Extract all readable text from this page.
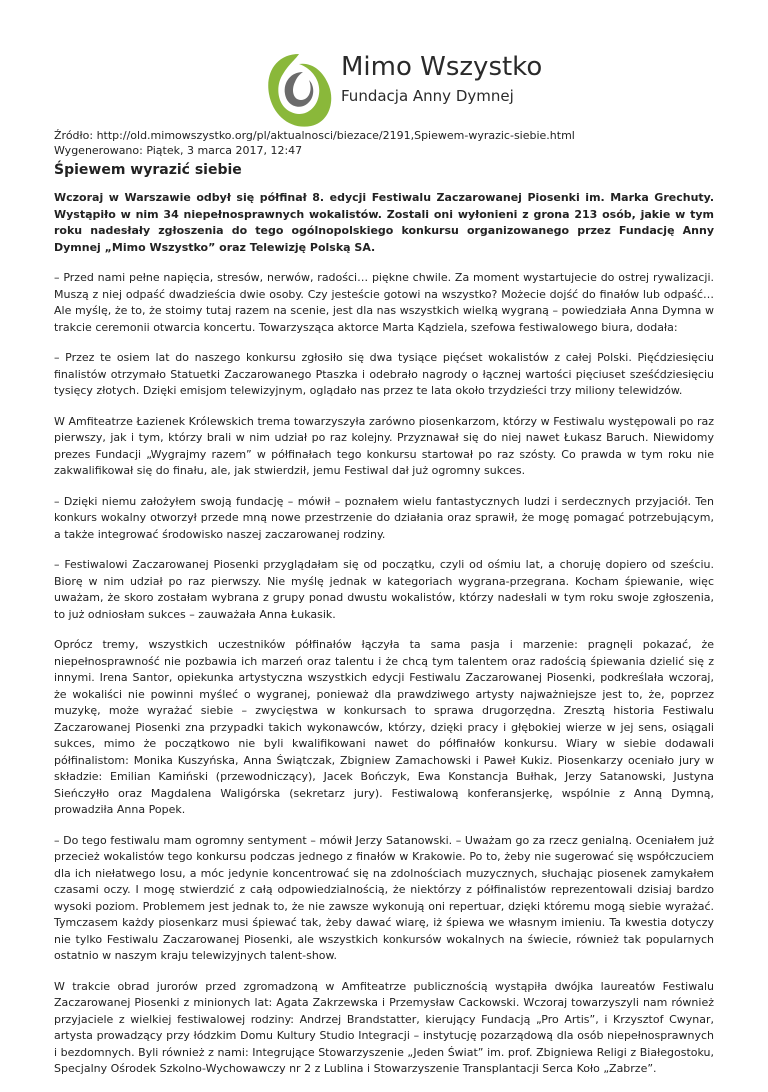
Mimo Wszystko
Fundacja Anny Dymnej
Źródło: http://old.mimowszystko.org/pl/aktualnosci/biezace/2191,Spiewem-wyrazic-siebie.html
Wygenerowano: Piątek, 3 marca 2017, 12:47
Śpiewem wyrazić siebie

Wczoraj w Warszawie odbył się półfinał 8. edycji Festiwalu Zaczarowanej Piosenki im. Marka Grechuty. Wystąpiło w nim 34 niepełnosprawnych wokalistów. Zostali oni wyłonieni z grona 213 osób, jakie w tym roku nadesłały zgłoszenia do tego ogólnopolskiego konkursu organizowanego przez Fundację Anny Dymnej „Mimo Wszystko” oraz Telewizję Polską SA.

– Przed nami pełne napięcia, stresów, nerwów, radości… piękne chwile. Za moment wystartujecie do ostrej rywalizacji. Muszą z niej odpaść dwadzieścia dwie osoby. Czy jesteście gotowi na wszystko? Możecie dojść do finałów lub odpaść… Ale myślę, że to, że stoimy tutaj razem na scenie, jest dla nas wszystkich wielką wygraną – powiedziała Anna Dymna w trakcie ceremonii otwarcia koncertu. Towarzysząca aktorce Marta Kądziela, szefowa festiwalowego biura, dodała:

– Przez te osiem lat do naszego konkursu zgłosiło się dwa tysiące pięćset wokalistów z całej Polski. Pięćdziesięciu finalistów otrzymało Statuetki Zaczarowanego Ptaszka i odebrało nagrody o łącznej wartości pięciuset sześćdziesięciu tysięcy złotych. Dzięki emisjom telewizyjnym, oglądało nas przez te lata około trzydzieści trzy miliony telewidzów.

W Amfiteatrze Łazienek Królewskich trema towarzyszyła zarówno piosenkarzom, którzy w Festiwalu występowali po raz pierwszy, jak i tym, którzy brali w nim udział po raz kolejny. Przyznawał się do niej nawet Łukasz Baruch. Niewidomy prezes Fundacji „Wygrajmy razem” w półfinałach tego konkursu startował po raz szósty. Co prawda w tym roku nie zakwalifikował się do finału, ale, jak stwierdził, jemu Festiwal dał już ogromny sukces.

– Dzięki niemu założyłem swoją fundację – mówił – poznałem wielu fantastycznych ludzi i serdecznych przyjaciół. Ten konkurs wokalny otworzył przede mną nowe przestrzenie do działania oraz sprawił, że mogę pomagać potrzebującym, a także integrować środowisko naszej zaczarowanej rodziny.

– Festiwalowi Zaczarowanej Piosenki przyglądałam się od początku, czyli od ośmiu lat, a choruję dopiero od sześciu. Biorę w nim udział po raz pierwszy. Nie myślę jednak w kategoriach wygrana-przegrana. Kocham śpiewanie, więc uważam, że skoro zostałam wybrana z grupy ponad dwustu wokalistów, którzy nadesłali w tym roku swoje zgłoszenia, to już odniosłam sukces – zauważała Anna Łukasik.

Oprócz tremy, wszystkich uczestników półfinałów łączyła ta sama pasja i marzenie: pragnęli pokazać, że niepełnosprawność nie pozbawia ich marzeń oraz talentu i że chcą tym talentem oraz radością śpiewania dzielić się z innymi. Irena Santor, opiekunka artystyczna wszystkich edycji Festiwalu Zaczarowanej Piosenki, podkreślała wczoraj, że wokaliści nie powinni myśleć o wygranej, ponieważ dla prawdziwego artysty najważniejsze jest to, że, poprzez muzykę, może wyrażać siebie – zwycięstwa w konkursach to sprawa drugorzędna. Zresztą historia Festiwalu Zaczarowanej Piosenki zna przypadki takich wykonawców, którzy, dzięki pracy i głębokiej wierze w jej sens, osiągali sukces, mimo że początkowo nie byli kwalifikowani nawet do półfinałów konkursu. Wiary w siebie dodawali półfinalistom: Monika Kuszyńska, Anna Świątczak, Zbigniew Zamachowski i Paweł Kukiz. Piosenkarzy oceniało jury w składzie: Emilian Kamiński (przewodniczący), Jacek Bończyk, Ewa Konstancja Bułhak, Jerzy Satanowski, Justyna Sieńczyłło oraz Magdalena Waligórska (sekretarz jury). Festiwalową konferansjerkę, wspólnie z Anną Dymną, prowadziła Anna Popek.

– Do tego festiwalu mam ogromny sentyment – mówił Jerzy Satanowski. – Uważam go za rzecz genialną. Oceniałem już przecież wokalistów tego konkursu podczas jednego z finałów w Krakowie. Po to, żeby nie sugerować się współczuciem dla ich niełatwego losu, a móc jedynie koncentrować się na zdolnościach muzycznych, słuchając piosenek zamykałem czasami oczy. I mogę stwierdzić z całą odpowiedzialnością, że niektórzy z półfinalistów reprezentowali dzisiaj bardzo wysoki poziom. Problemem jest jednak to, że nie zawsze wykonują oni repertuar, dzięki któremu mogą siebie wyrażać. Tymczasem każdy piosenkarz musi śpiewać tak, żeby dawać wiarę, iż śpiewa we własnym imieniu. Ta kwestia dotyczy nie tylko Festiwalu Zaczarowanej Piosenki, ale wszystkich konkursów wokalnych na świecie, również tak popularnych ostatnio w naszym kraju telewizyjnych talent-show.

W trakcie obrad jurorów przed zgromadzoną w Amfiteatrze publicznością wystąpiła dwójka laureatów Festiwalu Zaczarowanej Piosenki z minionych lat: Agata Zakrzewska i Przemysław Cackowski. Wczoraj towarzyszyli nam również przyjaciele z wielkiej festiwalowej rodziny: Andrzej Brandstatter, kierujący Fundacją „Pro Artis”, i Krzysztof Cwynar, artysta prowadzący przy łódzkim Domu Kultury Studio Integracji – instytucję pozarządową dla osób niepełnosprawnych i bezdomnych. Byli również z nami: Integrujące Stowarzyszenie „Jeden Świat” im. prof. Zbigniewa Religi z Białegostoku, Specjalny Ośrodek Szkolno-Wychowawczy nr 2 z Lublina i Stowarzyszenie Transplantacji Serca Koło „Zabrze”.
